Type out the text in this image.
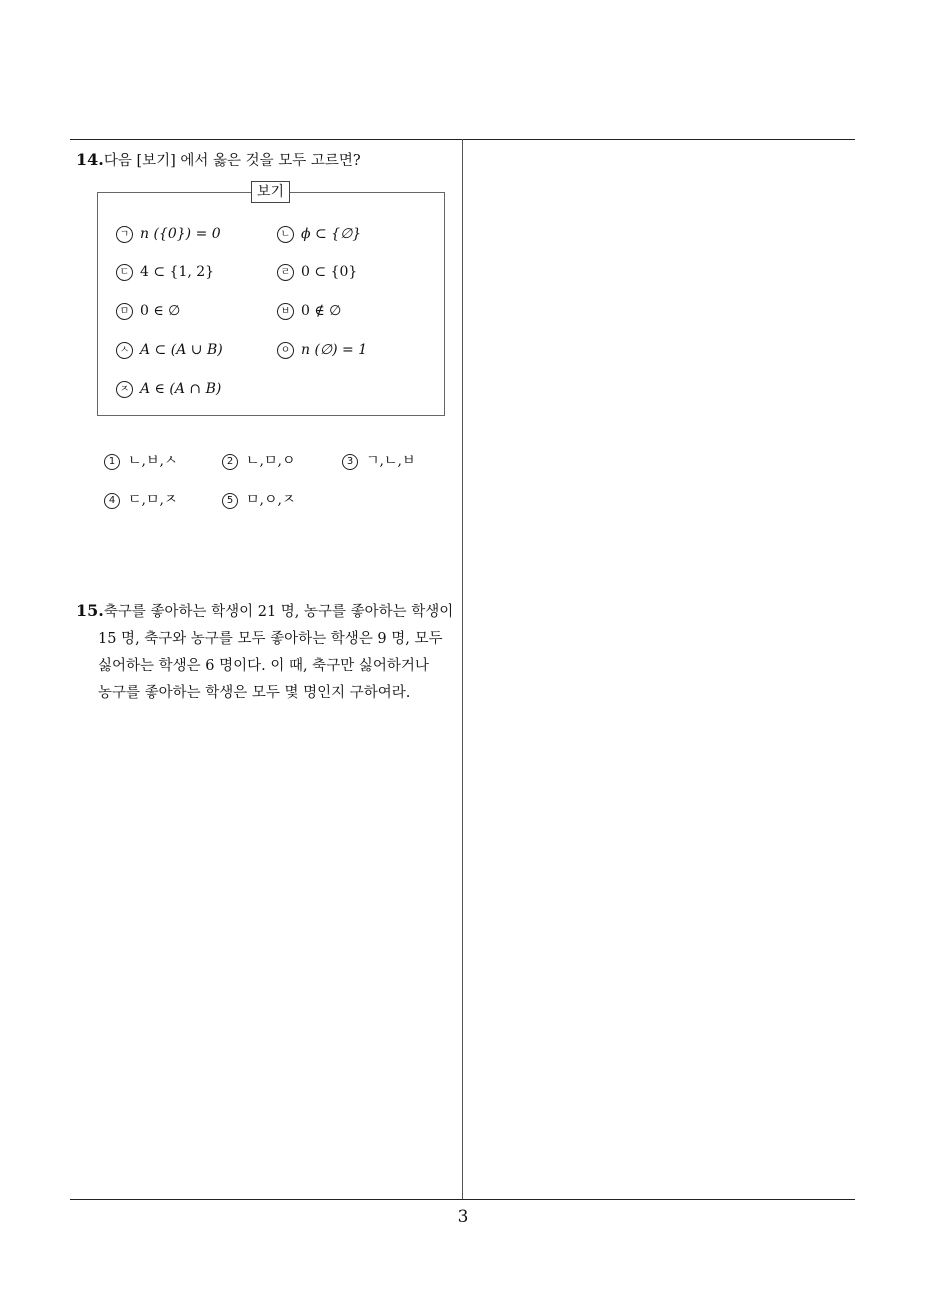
14.다음 [보기] 에서 옳은 것을 모두 고르면?
보기
ㄱ n ({0}) = 0	ㄴ ϕ ⊂ {∅}
ㄷ 4 ⊂ {1, 2}	ㄹ 0 ⊂ {0}
ㅁ 0 ∈ ∅	ㅂ 0 ∉ ∅
ㅅ A ⊂ (A ∪ B)	ㅇ n (∅) = 1
ㅈ A ∈ (A ∩ B)
1 ㄴ,ㅂ,ㅅ	2 ㄴ,ㅁ,ㅇ	3 ㄱ,ㄴ,ㅂ
4 ㄷ,ㅁ,ㅈ	5 ㅁ,ㅇ,ㅈ
15.축구를 좋아하는 학생이 21 명, 농구를 좋아하는 학생이
15 명, 축구와 농구를 모두 좋아하는 학생은 9 명, 모두
싫어하는 학생은 6 명이다. 이 때, 축구만 싫어하거나
농구를 좋아하는 학생은 모두 몇 명인지 구하여라.
3
